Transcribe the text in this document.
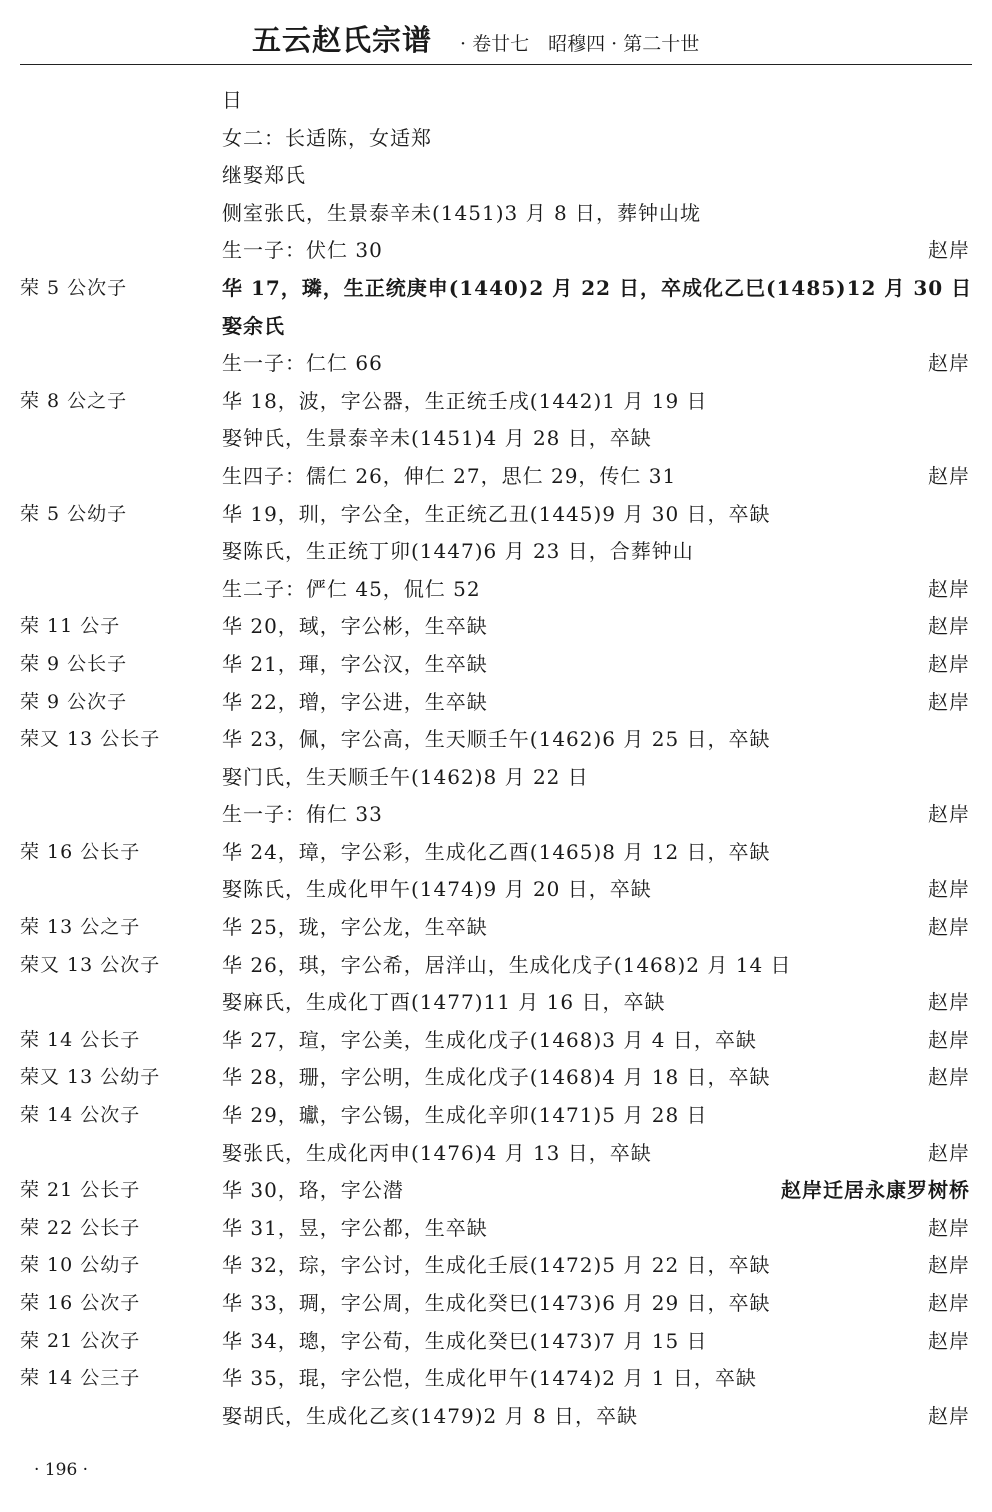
五云赵氏宗谱 · 卷廿七　昭穆四 · 第二十世
日
女二：长适陈，女适郑
继娶郑氏
侧室张氏，生景泰辛未(1451)3 月 8 日，葬钟山垅
生一子：伏仁 30	赵岸
荣 5 公次子	华 17，璘，生正统庚申(1440)2 月 22 日，卒成化乙巳(1485)12 月 30 日
娶余氏
生一子：仁仁 66	赵岸
荣 8 公之子	华 18，波，字公器，生正统壬戌(1442)1 月 19 日
娶钟氏，生景泰辛未(1451)4 月 28 日，卒缺
生四子：儒仁 26，伸仁 27，思仁 29，传仁 31	赵岸
荣 5 公幼子	华 19，玔，字公全，生正统乙丑(1445)9 月 30 日，卒缺
娶陈氏，生正统丁卯(1447)6 月 23 日，合葬钟山
生二子：俨仁 45，侃仁 52	赵岸
荣 11 公子	华 20，琙，字公彬，生卒缺	赵岸
荣 9 公长子	华 21，琿，字公汉，生卒缺	赵岸
荣 9 公次子	华 22，璔，字公进，生卒缺	赵岸
荣又 13 公长子	华 23，佩，字公高，生天顺壬午(1462)6 月 25 日，卒缺
娶门氏，生天顺壬午(1462)8 月 22 日
生一子：侑仁 33	赵岸
荣 16 公长子	华 24，璋，字公彩，生成化乙酉(1465)8 月 12 日，卒缺
娶陈氏，生成化甲午(1474)9 月 20 日，卒缺	赵岸
荣 13 公之子	华 25，珑，字公龙，生卒缺	赵岸
荣又 13 公次子	华 26，琪，字公希，居洋山，生成化戊子(1468)2 月 14 日
娶麻氏，生成化丁酉(1477)11 月 16 日，卒缺	赵岸
荣 14 公长子	华 27，瑄，字公美，生成化戊子(1468)3 月 4 日，卒缺	赵岸
荣又 13 公幼子	华 28，珊，字公明，生成化戊子(1468)4 月 18 日，卒缺	赵岸
荣 14 公次子	华 29，瓛，字公锡，生成化辛卯(1471)5 月 28 日
娶张氏，生成化丙申(1476)4 月 13 日，卒缺	赵岸
荣 21 公长子	华 30，珞，字公潜	赵岸迁居永康罗树桥
荣 22 公长子	华 31，昱，字公都，生卒缺	赵岸
荣 10 公幼子	华 32，琮，字公讨，生成化壬辰(1472)5 月 22 日，卒缺	赵岸
荣 16 公次子	华 33，琱，字公周，生成化癸巳(1473)6 月 29 日，卒缺	赵岸
荣 21 公次子	华 34，璁，字公荀，生成化癸巳(1473)7 月 15 日	赵岸
荣 14 公三子	华 35，琨，字公恺，生成化甲午(1474)2 月 1 日，卒缺
娶胡氏，生成化乙亥(1479)2 月 8 日，卒缺	赵岸
· 196 ·
